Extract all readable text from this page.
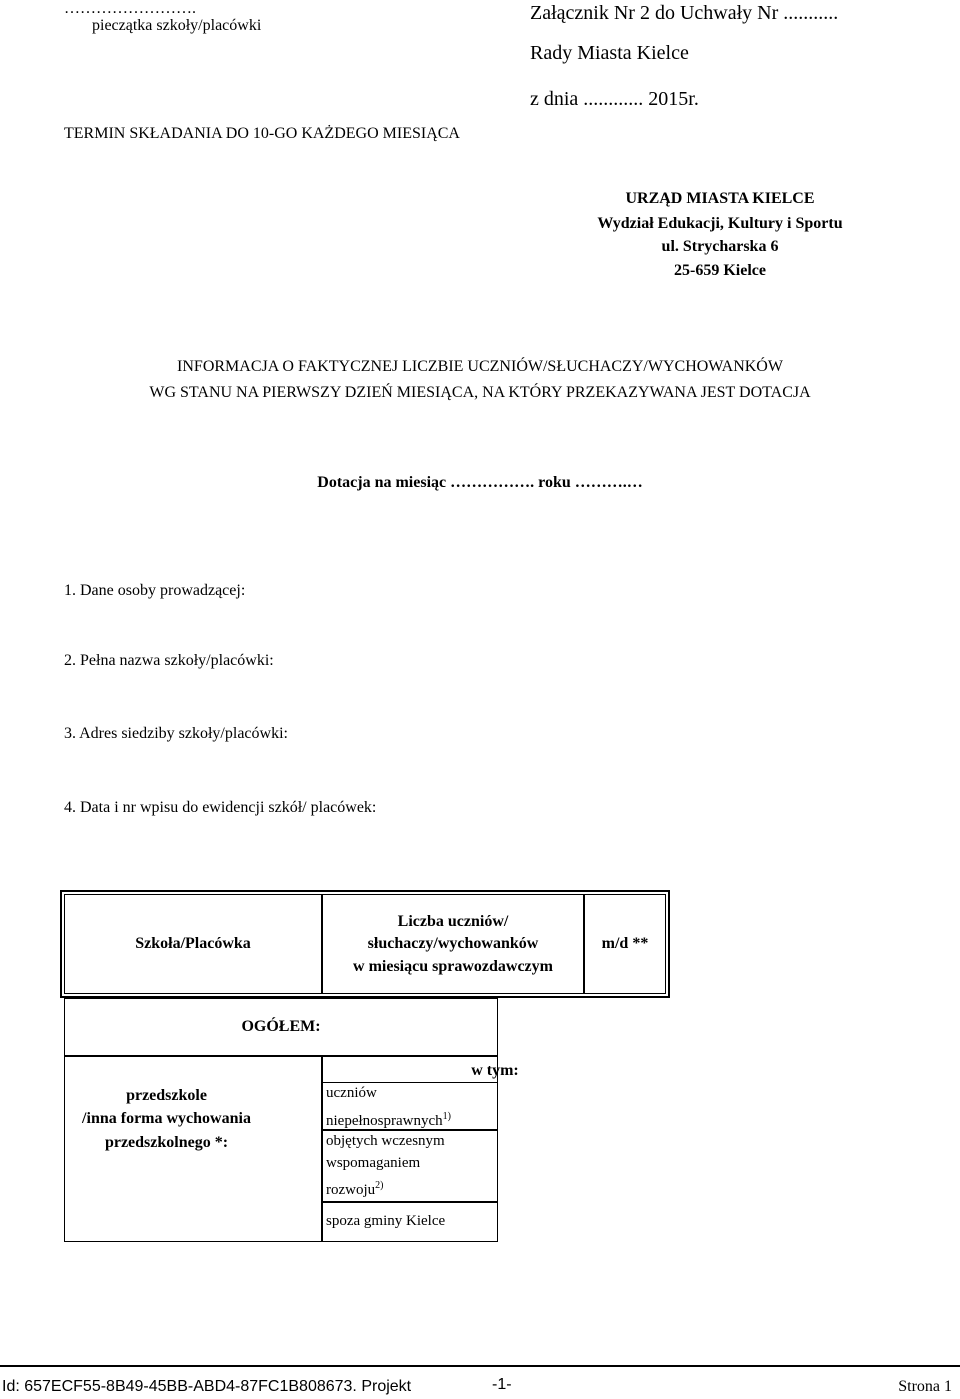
…………………….
pieczątka szkoły/placówki
Załącznik Nr 2 do Uchwały Nr ...........
Rady Miasta Kielce
z dnia ............ 2015r.
TERMIN SKŁADANIA DO 10-GO KAŻDEGO MIESIĄCA
URZĄD MIASTA KIELCE
Wydział Edukacji, Kultury i Sportu
ul. Strycharska 6
25-659 Kielce
INFORMACJA O FAKTYCZNEJ LICZBIE UCZNIÓW/SŁUCHACZY/WYCHOWANKÓW
WG STANU NA PIERWSZY DZIEŃ MIESIĄCA, NA KTÓRY PRZEKAZYWANA JEST DOTACJA
Dotacja na miesiąc ……………. roku ……….…
1. Dane osoby prowadzącej:
2. Pełna nazwa szkoły/placówki:
3. Adres siedziby szkoły/placówki:
4. Data i nr wpisu do ewidencji szkół/ placówek:
Szkoła/Placówka
Liczba uczniów/
słuchaczy/wychowanków
w miesiącu sprawozdawczym
m/d **
OGÓŁEM:
w tym:
przedszkole
/inna forma wychowania
przedszkolnego *:
uczniów
niepełnosprawnych$^{1)}$
objętych wczesnym
wspomaganiem
rozwoju$^{2)}$
spoza gminy Kielce
Id: 657ECF55-8B49-45BB-ABD4-87FC1B808673. Projekt	-1-	Strona 1
